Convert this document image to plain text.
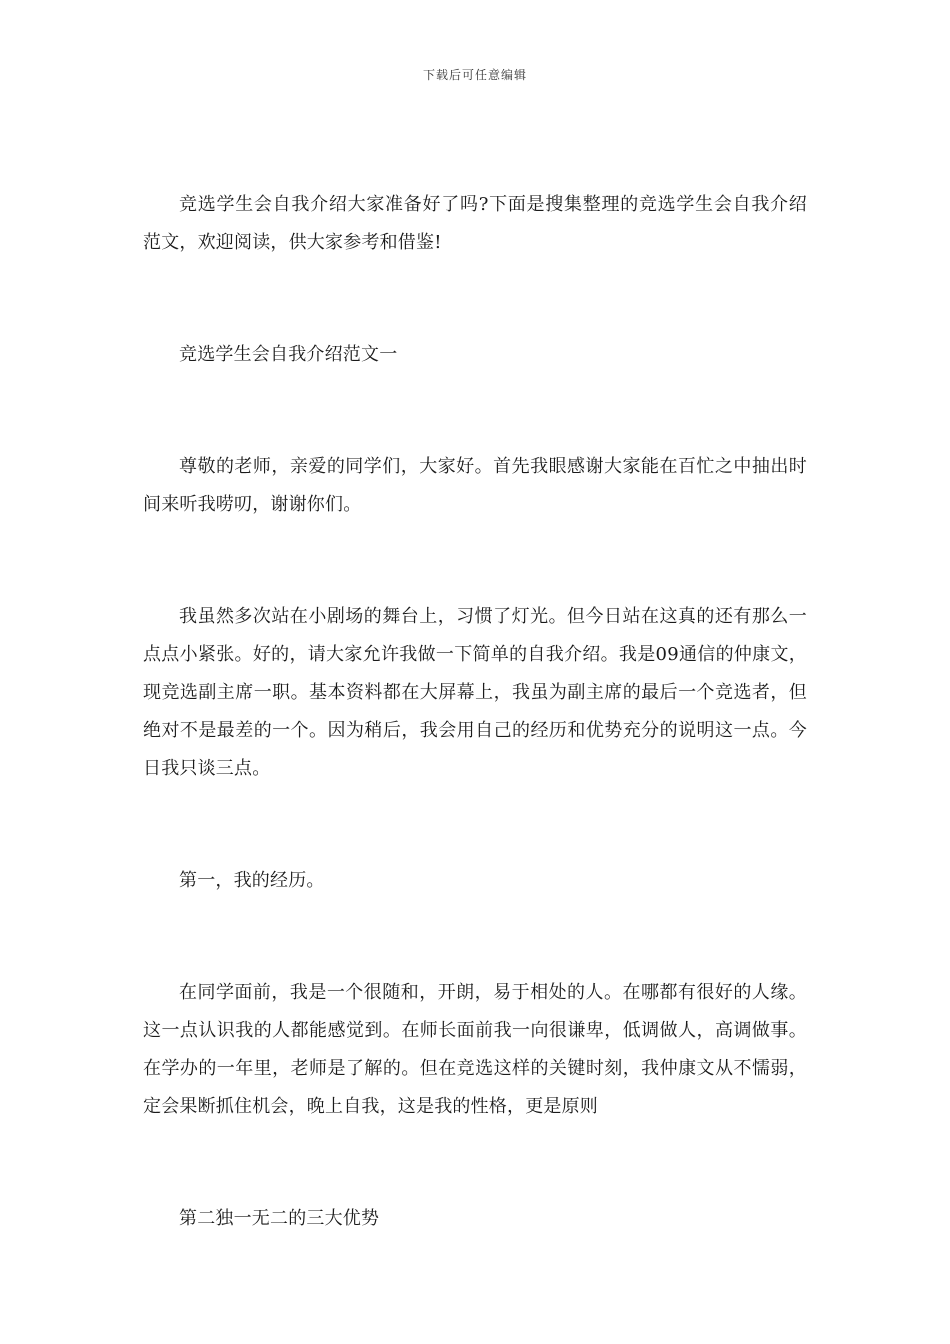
下载后可任意编辑

竞选学生会自我介绍大家准备好了吗?下面是搜集整理的竞选学生会自我介绍范文，欢迎阅读，供大家参考和借鉴!

竞选学生会自我介绍范文一

尊敬的老师，亲爱的同学们，大家好。首先我眼感谢大家能在百忙之中抽出时间来听我唠叨，谢谢你们。

我虽然多次站在小剧场的舞台上，习惯了灯光。但今日站在这真的还有那么一点点小紧张。好的，请大家允许我做一下简单的自我介绍。我是09通信的仲康文，现竞选副主席一职。基本资料都在大屏幕上，我虽为副主席的最后一个竞选者，但绝对不是最差的一个。因为稍后，我会用自己的经历和优势充分的说明这一点。今日我只谈三点。

第一，我的经历。

在同学面前，我是一个很随和，开朗，易于相处的人。在哪都有很好的人缘。这一点认识我的人都能感觉到。在师长面前我一向很谦卑，低调做人，高调做事。在学办的一年里，老师是了解的。但在竞选这样的关键时刻，我仲康文从不懦弱，定会果断抓住机会，晚上自我，这是我的性格，更是原则

第二独一无二的三大优势
